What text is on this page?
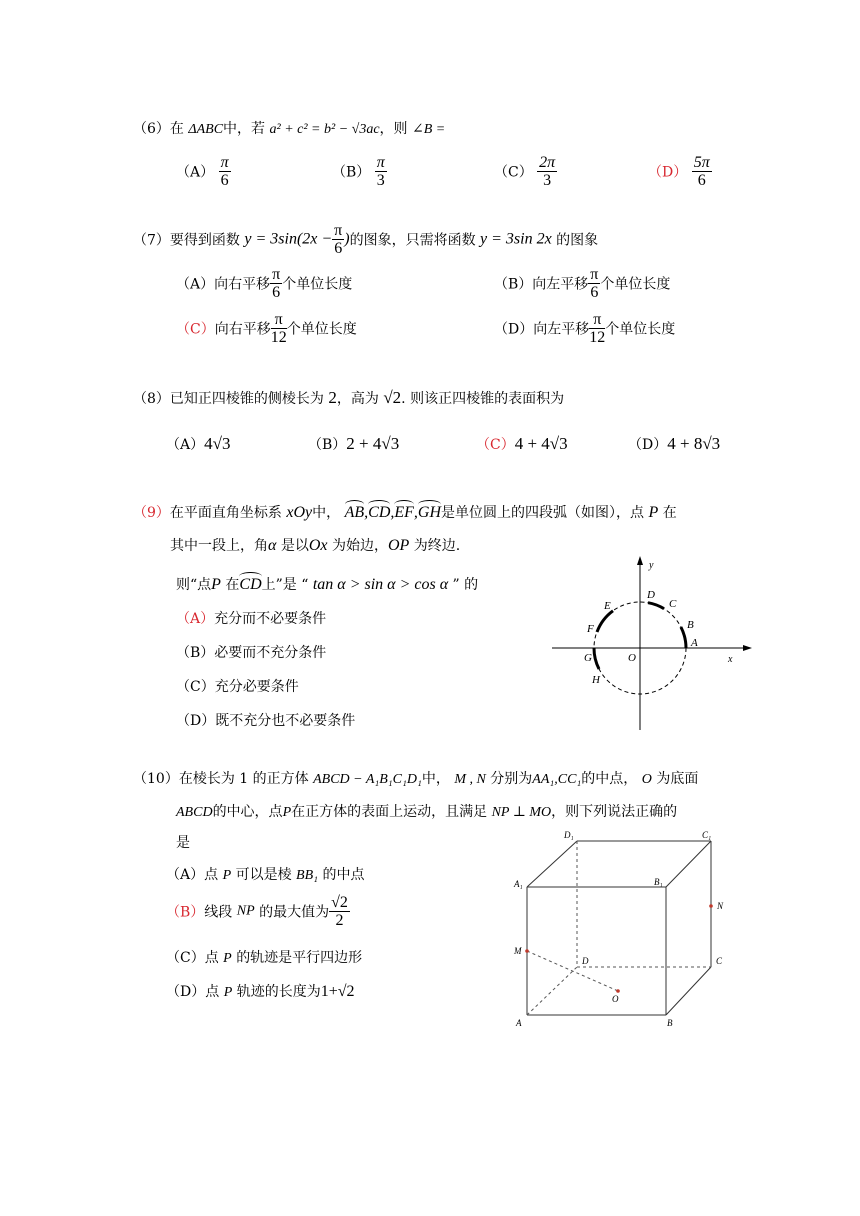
（6）在 ΔABC中，若 a² + c² = b² − √3ac，则 ∠B =
$(A) \frac{\pi}{6}$	$(B) \frac{\pi}{3}$	$(C) \frac{2\pi}{3}$	$(D) \frac{5\pi}{6}$
（7）要得到函数 $y = 3\sin(2x - \frac{\pi}{6}$ )的图象，只需将函数 y = 3sin 2x 的图象
（A）向右平移 $\frac{\pi}{6}$ 个单位长度	（B）向左平移 $\frac{\pi}{6}$ 个单位长度
（C）向右平移 $\frac{\pi}{12}$ 个单位长度	（D）向左平移 $\frac{\pi}{12}$ 个单位长度
（8）已知正四棱锥的侧棱长为 2，高为 √2. 则该正四棱锥的表面积为
（A）4√3	（B）2 + 4√3	（C）4 + 4√3	（D）4 + 8√3
（9）在平面直角坐标系 xOy中， AB,CD,EF,GH是单位圆上的四段弧（如图），点 P 在
其中一段上，角α 是以Ox 为始边，OP 为终边.
则“点P 在CD上”是 “ tan α > sin α > cos α ” 的
（A）充分而不必要条件
（B）必要而不充分条件
（C）充分必要条件
（D）既不充分也不必要条件
y
x
O
A
B
C
D
E
F
G
H
（10）在棱长为 1 的正方体 ABCD − A₁B₁C₁D₁中， M , N 分别为AA₁,CC₁的中点， O 为底面
ABCD的中心，点P在正方体的表面上运动，且满足 NP ⊥ MO，则下列说法正确的
是
（A）点 P 可以是棱 BB₁ 的中点
（B）线段 NP 的最大值为 $\frac{√2}{2}$
（C）点 P 的轨迹是平行四边形
（D）点 P 轨迹的长度为1+√2
D₁	C₁
A₁	B₁
N
M
D	C
O
A	B
